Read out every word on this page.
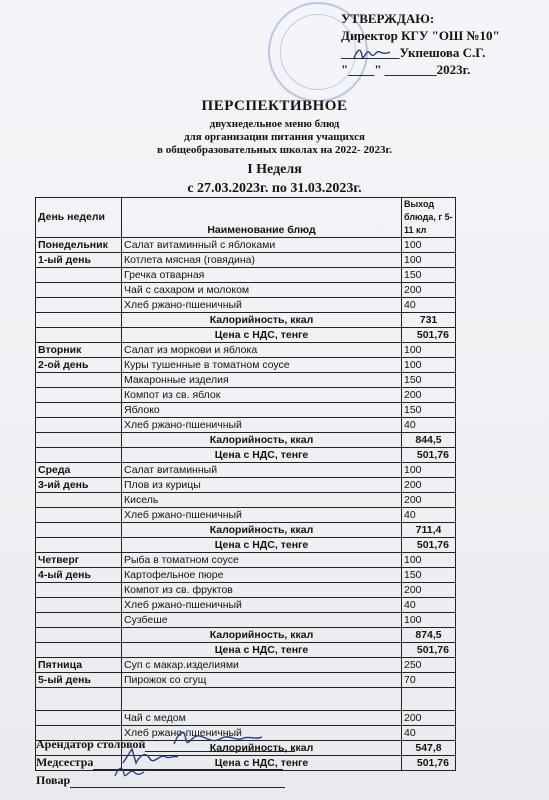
УТВЕРЖДАЮ:
Директор КГУ "ОШ №10"
_________Укпешова С.Г.
"____" ________2023г.
ПЕРСПЕКТИВНОЕ
двухнедельное меню блюд
для организации питания учащихся
в общеобразовательных школах на 2022- 2023г.
I Неделя
с 27.03.2023г. по 31.03.2023г.
День недели	Наименование блюд	Выход блюда, г 5-11 кл
Понедельник	Салат витаминный с яблоками	100
1-ый день	Котлета мясная (говядина)	100
	Гречка отварная	150
	Чай с сахаром и молоком	200
	Хлеб ржано-пшеничный	40
	Калорийность, ккал	731
	Цена с НДС, тенге	501,76
Вторник	Салат из моркови и яблока	100
2-ой день	Куры тушенные в томатном соусе	100
	Макаронные изделия	150
	Компот из св. яблок	200
	Яблоко	150
	Хлеб ржано-пшеничный	40
	Калорийность, ккал	844,5
	Цена с НДС, тенге	501,76
Среда	Салат витаминный	100
3-ий день	Плов из курицы	200
	Кисель	200
	Хлеб ржано-пшеничный	40
	Калорийность, ккал	711,4
	Цена с НДС, тенге	501,76
Четверг	Рыба в томатном соусе	100
4-ый день	Картофельное пюре	150
	Компот из св. фруктов	200
	Хлеб ржано-пшеничный	40
	Сузбеше	100
	Калорийность, ккал	874,5
	Цена с НДС, тенге	501,76
Пятница	Суп с макар.изделиями	250
5-ый день	Пирожок со сгущ	70

	Чай с медом	200
	Хлеб ржано-пшеничный	40
	Калорийность, ккал	547,8
	Цена с НДС, тенге	501,76
Арендатор столовой
Медсестра
Повар
